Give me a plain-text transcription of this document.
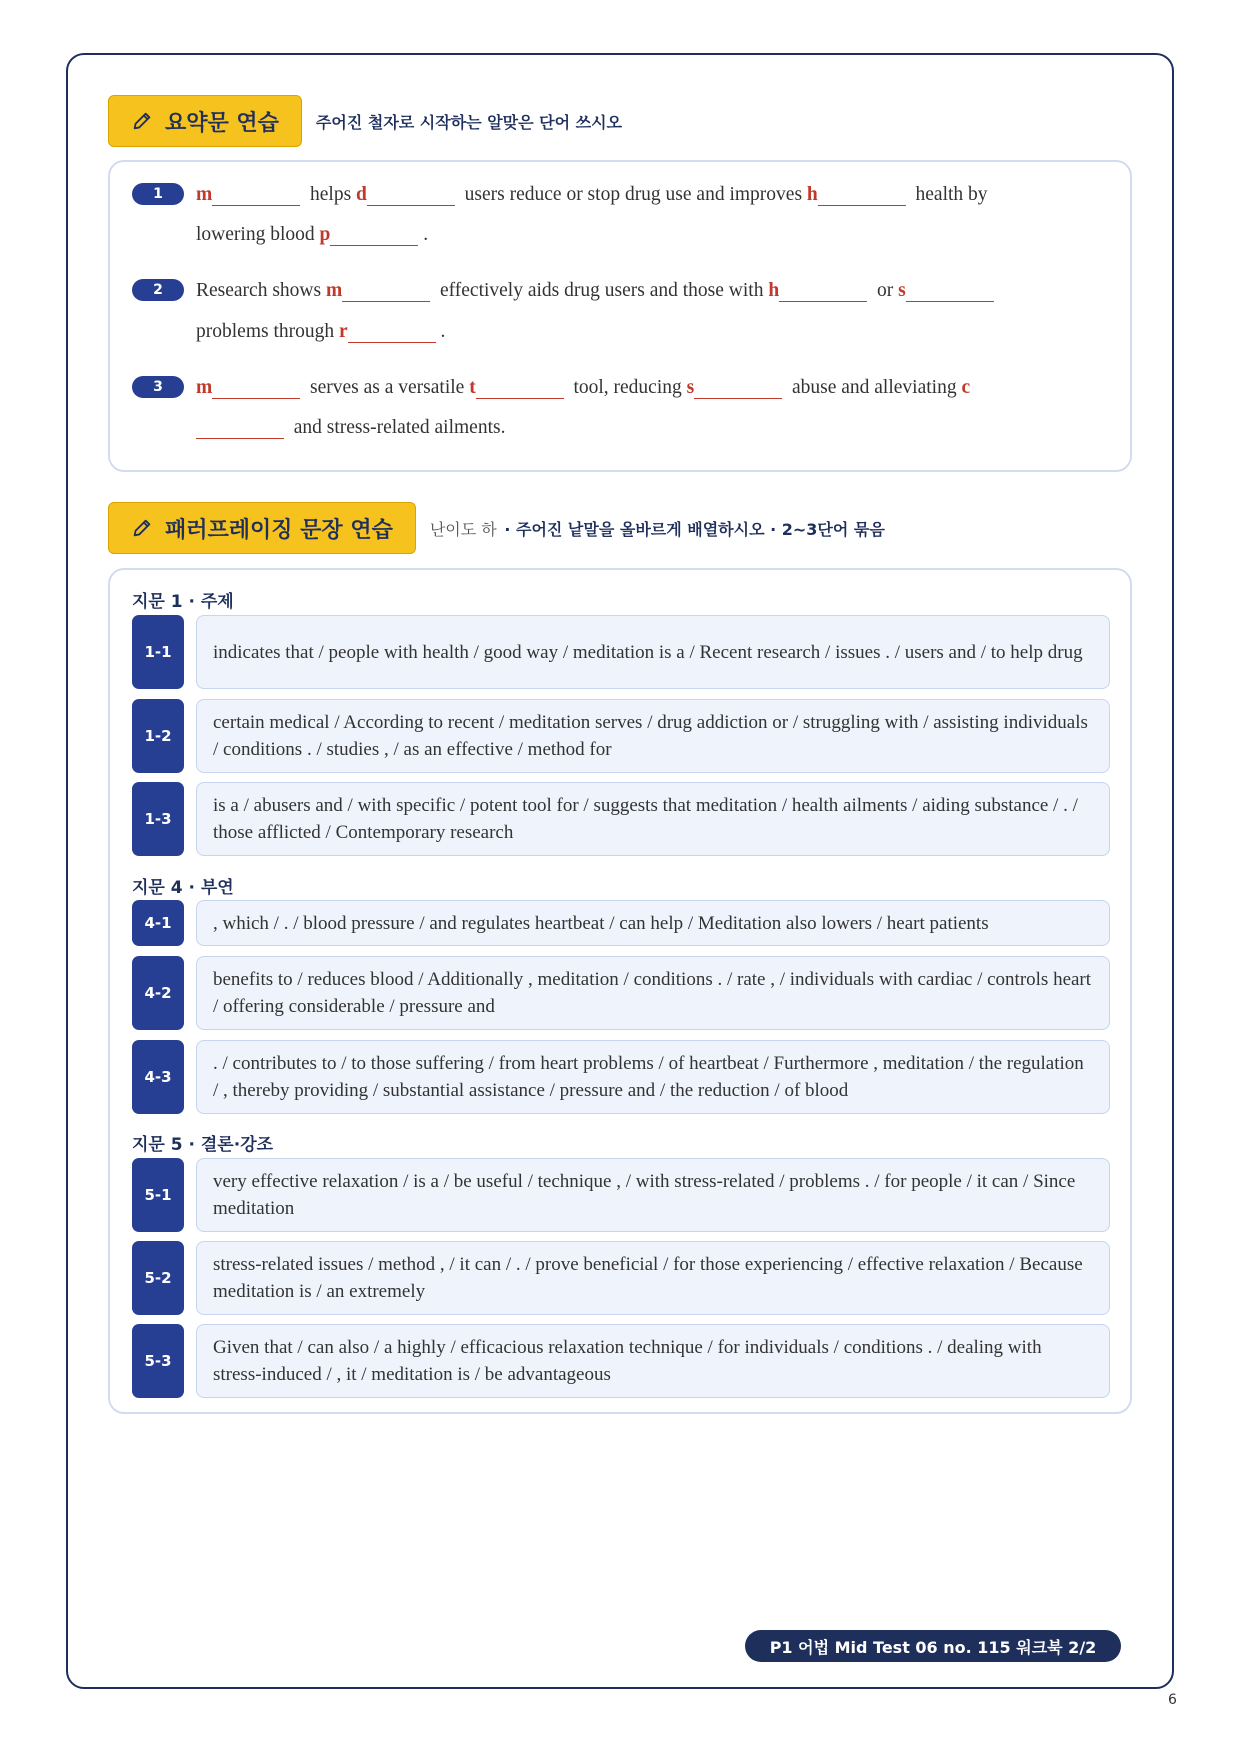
요약문 연습 주어진 철자로 시작하는 알맞은 단어 쓰시오
1	m	helps d	users reduce or stop drug use and improves h	health by
lowering blood p	.
2	Research shows m	effectively aids drug users and those with h	or s
problems through r	.
3	m	serves as a versatile t	tool, reducing s	abuse and alleviating c
and stress-related ailments.
패러프레이징 문장 연습 난이도 하 · 주어진 낱말을 올바르게 배열하시오 · 2~3단어 묶음
지문 1 · 주제
1-1	indicates that / people with health / good way / meditation is a / Recent research / issues . / users and / to help drug
1-2
certain medical / According to recent / meditation serves / drug addiction or / struggling with / assisting individuals / conditions . / studies , / as an effective / method for
1-3
is a / abusers and / with specific / potent tool for / suggests that meditation / health ailments / aiding substance / . / those afflicted / Contemporary research
지문 4 · 부연
4-1	, which / . / blood pressure / and regulates heartbeat / can help / Meditation also lowers / heart patients
4-2
benefits to / reduces blood / Additionally , meditation / conditions . / rate , / individuals with cardiac / controls heart / offering considerable / pressure and
4-3
. / contributes to / to those suffering / from heart problems / of heartbeat / Furthermore , meditation / the regulation / , thereby providing / substantial assistance / pressure and / the reduction / of blood
지문 5 · 결론·강조
5-1
very effective relaxation / is a / be useful / technique , / with stress-related / problems . / for people / it can / Since meditation
5-2
stress-related issues / method , / it can / . / prove beneficial / for those experiencing / effective relaxation / Because meditation is / an extremely
5-3
Given that / can also / a highly / efficacious relaxation technique / for individuals / conditions . / dealing with stress-induced / , it / meditation is / be advantageous
P1 어법 Mid Test 06 no. 115 워크북 2/2
6
